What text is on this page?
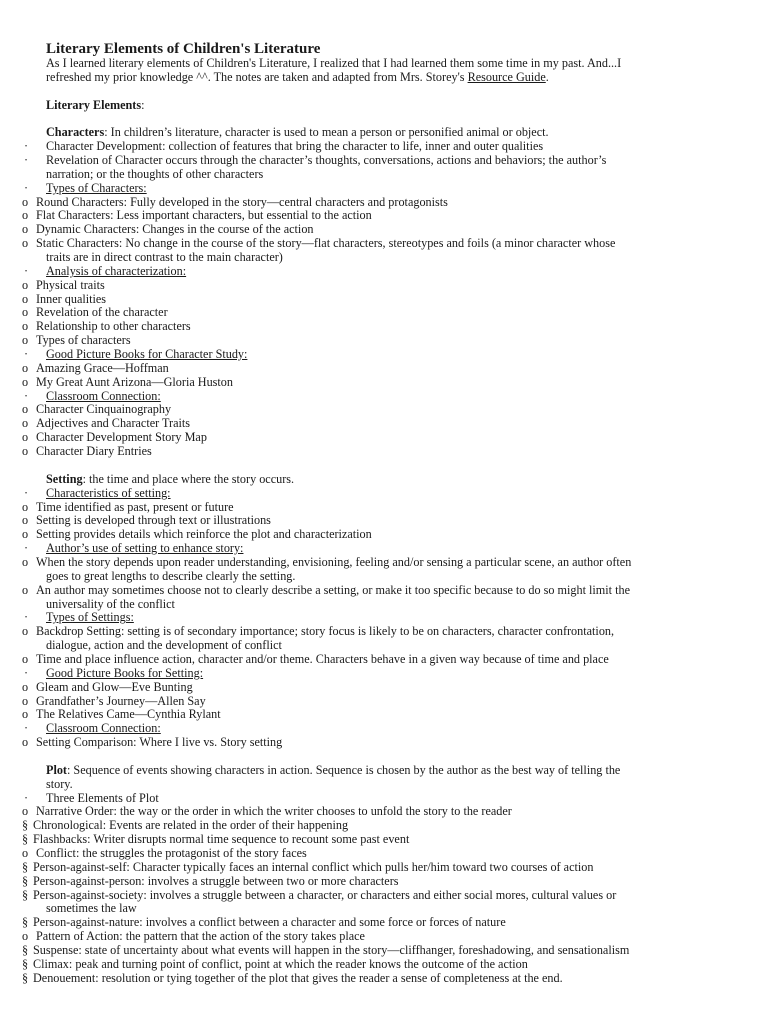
Literary Elements of Children's Literature
As I learned literary elements of Children's Literature, I realized that I had learned them some time in my past. And...I
refreshed my prior knowledge ^^. The notes are taken and adapted from Mrs. Storey's Resource Guide.
Literary Elements:
Characters: In children’s literature, character is used to mean a person or personified animal or object.
· Character Development: collection of features that bring the character to life, inner and outer qualities
· Revelation of Character occurs through the character’s thoughts, conversations, actions and behaviors; the author’s
narration; or the thoughts of other characters
· Types of Characters:
o Round Characters: Fully developed in the story—central characters and protagonists
o Flat Characters: Less important characters, but essential to the action
o Dynamic Characters: Changes in the course of the action
o Static Characters: No change in the course of the story—flat characters, stereotypes and foils (a minor character whose
traits are in direct contrast to the main character)
· Analysis of characterization:
o Physical traits
o Inner qualities
o Revelation of the character
o Relationship to other characters
o Types of characters
· Good Picture Books for Character Study:
o Amazing Grace—Hoffman
o My Great Aunt Arizona—Gloria Huston
· Classroom Connection:
o Character Cinquainography
o Adjectives and Character Traits
o Character Development Story Map
o Character Diary Entries
Setting: the time and place where the story occurs.
· Characteristics of setting:
o Time identified as past, present or future
o Setting is developed through text or illustrations
o Setting provides details which reinforce the plot and characterization
· Author’s use of setting to enhance story:
o When the story depends upon reader understanding, envisioning, feeling and/or sensing a particular scene, an author often
goes to great lengths to describe clearly the setting.
o An author may sometimes choose not to clearly describe a setting, or make it too specific because to do so might limit the
universality of the conflict
· Types of Settings:
o Backdrop Setting: setting is of secondary importance; story focus is likely to be on characters, character confrontation,
dialogue, action and the development of conflict
o Time and place influence action, character and/or theme. Characters behave in a given way because of time and place
· Good Picture Books for Setting:
o Gleam and Glow—Eve Bunting
o Grandfather’s Journey—Allen Say
o The Relatives Came—Cynthia Rylant
· Classroom Connection:
o Setting Comparison: Where I live vs. Story setting
Plot: Sequence of events showing characters in action. Sequence is chosen by the author as the best way of telling the
story.
· Three Elements of Plot
o Narrative Order: the way or the order in which the writer chooses to unfold the story to the reader
§ Chronological: Events are related in the order of their happening
§ Flashbacks: Writer disrupts normal time sequence to recount some past event
o Conflict: the struggles the protagonist of the story faces
§ Person-against-self: Character typically faces an internal conflict which pulls her/him toward two courses of action
§ Person-against-person: involves a struggle between two or more characters
§ Person-against-society: involves a struggle between a character, or characters and either social mores, cultural values or
sometimes the law
§ Person-against-nature: involves a conflict between a character and some force or forces of nature
o Pattern of Action: the pattern that the action of the story takes place
§ Suspense: state of uncertainty about what events will happen in the story—cliffhanger, foreshadowing, and sensationalism
§ Climax: peak and turning point of conflict, point at which the reader knows the outcome of the action
§ Denouement: resolution or tying together of the plot that gives the reader a sense of completeness at the end.
